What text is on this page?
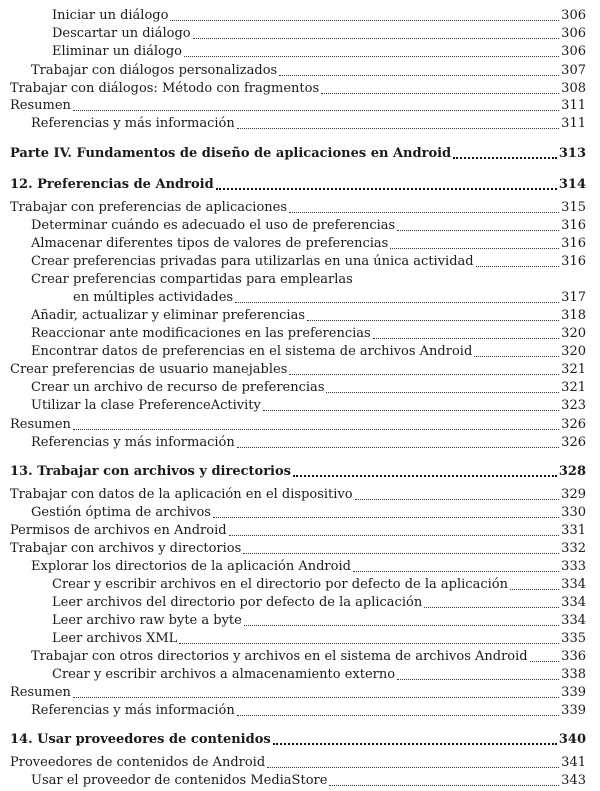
Iniciar un diálogo	306
Descartar un diálogo	306
Eliminar un diálogo	306
Trabajar con diálogos personalizados	307
Trabajar con diálogos: Método con fragmentos	308
Resumen	311
Referencias y más información	311
Parte IV. Fundamentos de diseño de aplicaciones en Android	313
12. Preferencias de Android	314
Trabajar con preferencias de aplicaciones	315
Determinar cuándo es adecuado el uso de preferencias	316
Almacenar diferentes tipos de valores de preferencias	316
Crear preferencias privadas para utilizarlas en una única actividad	316
Crear preferencias compartidas para emplearlas
en múltiples actividades	317
Añadir, actualizar y eliminar preferencias	318
Reaccionar ante modificaciones en las preferencias	320
Encontrar datos de preferencias en el sistema de archivos Android	320
Crear preferencias de usuario manejables	321
Crear un archivo de recurso de preferencias	321
Utilizar la clase PreferenceActivity	323
Resumen	326
Referencias y más información	326
13. Trabajar con archivos y directorios	328
Trabajar con datos de la aplicación en el dispositivo	329
Gestión óptima de archivos	330
Permisos de archivos en Android	331
Trabajar con archivos y directorios	332
Explorar los directorios de la aplicación Android	333
Crear y escribir archivos en el directorio por defecto de la aplicación	334
Leer archivos del directorio por defecto de la aplicación	334
Leer archivo raw byte a byte	334
Leer archivos XML	335
Trabajar con otros directorios y archivos en el sistema de archivos Android	336
Crear y escribir archivos a almacenamiento externo	338
Resumen	339
Referencias y más información	339
14. Usar proveedores de contenidos	340
Proveedores de contenidos de Android	341
Usar el proveedor de contenidos MediaStore	343
